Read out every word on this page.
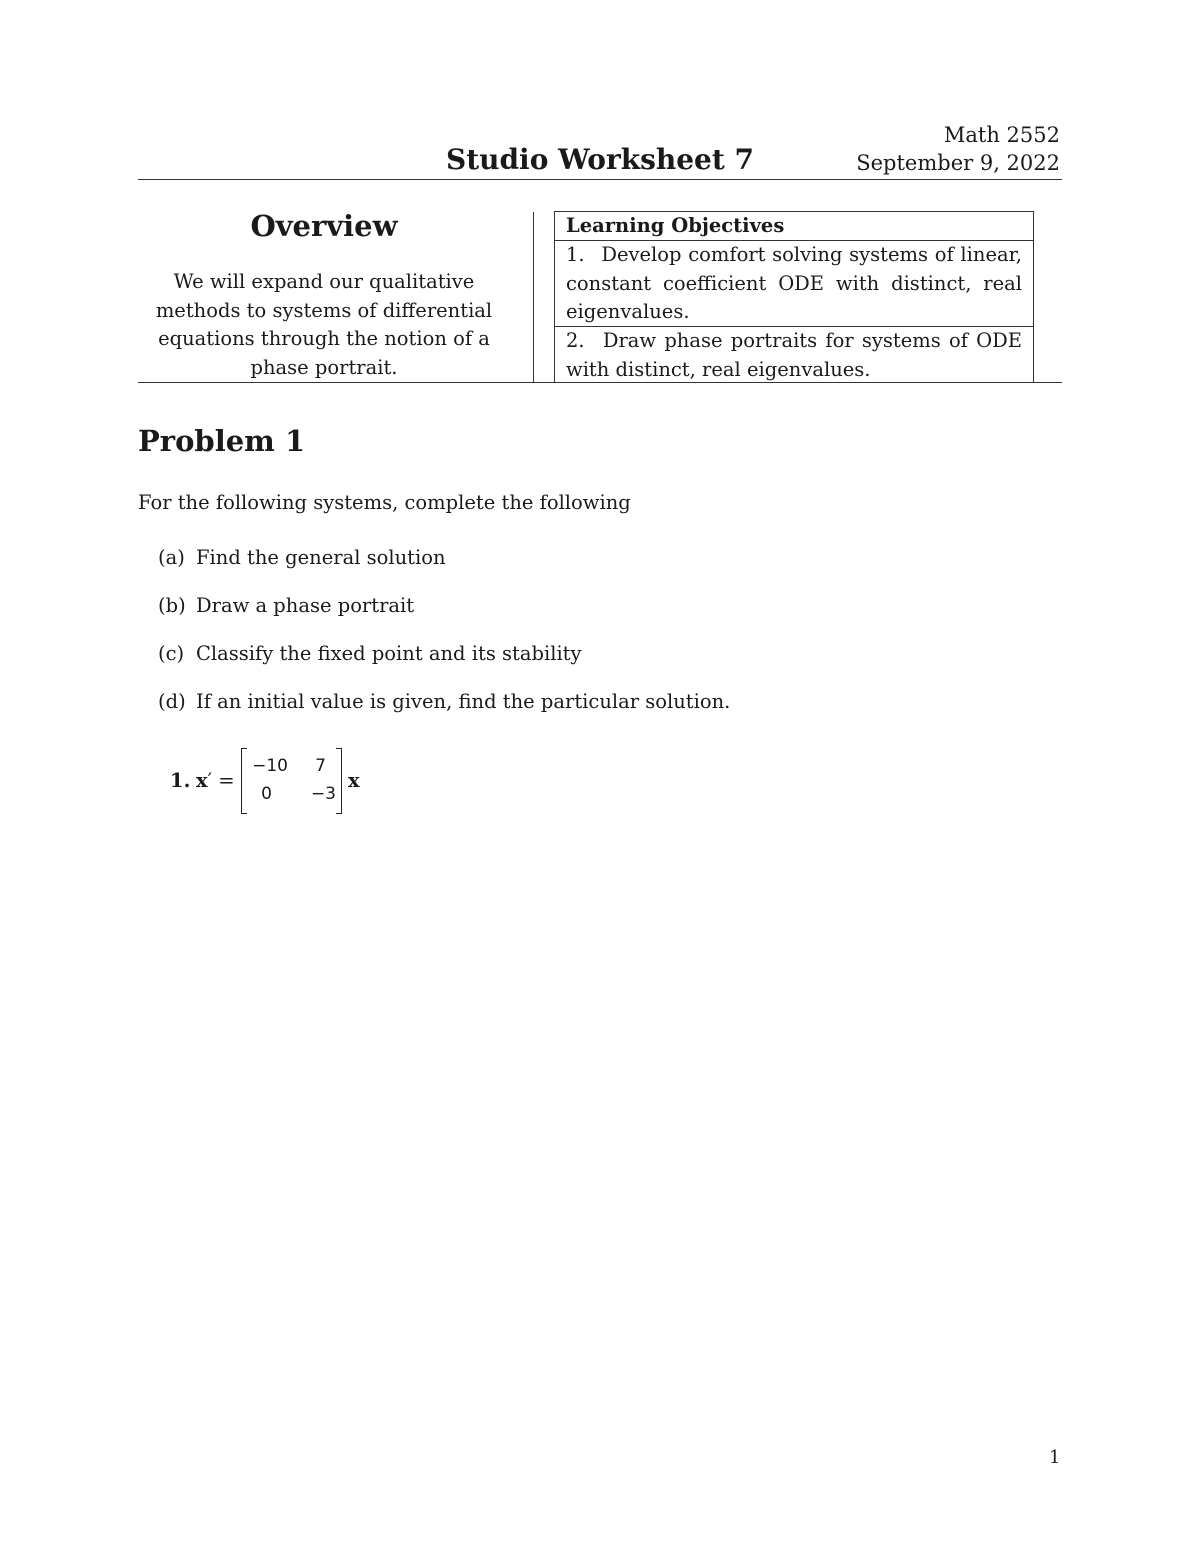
Math 2552
September 9, 2022
Studio Worksheet 7
Overview
We will expand our qualitative
methods to systems of differential
equations through the notion of a
phase portrait.
Learning Objectives
1. Develop comfort solving systems of linear, constant coefficient ODE with distinct, real eigenvalues.
2. Draw phase portraits for systems of ODE with distinct, real eigenvalues.
Problem 1
For the following systems, complete the following
(a) Find the general solution
(b) Draw a phase portrait
(c) Classify the fixed point and its stability
(d) If an initial value is given, find the particular solution.
1. x′ =
−10	7
0	−3
x
1
